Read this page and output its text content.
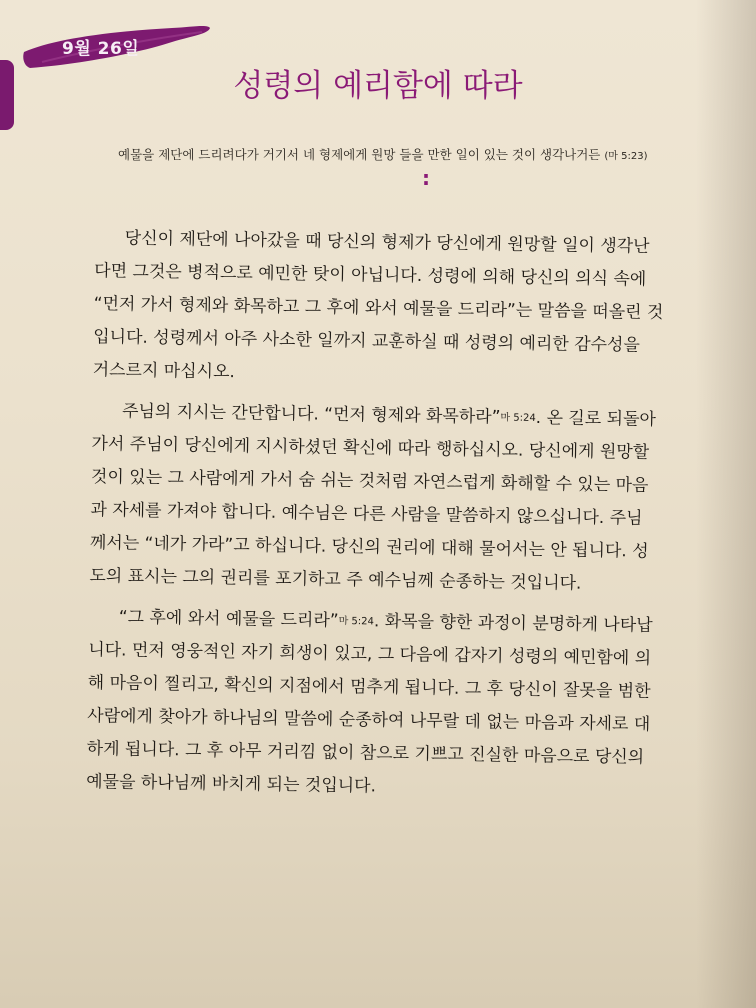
9월 26일
성령의 예리함에 따라
예물을 제단에 드리려다가 거기서 네 형제에게 원망 들을 만한 일이 있는 것이 생각나거든 (마 5:23)
:
당신이 제단에 나아갔을 때 당신의 형제가 당신에게 원망할 일이 생각난
다면 그것은 병적으로 예민한 탓이 아닙니다. 성령에 의해 당신의 의식 속에
“먼저 가서 형제와 화목하고 그 후에 와서 예물을 드리라”는 말씀을 떠올린 것
입니다. 성령께서 아주 사소한 일까지 교훈하실 때 성령의 예리한 감수성을
거스르지 마십시오.
주님의 지시는 간단합니다. “먼저 형제와 화목하라”$^{마 5:24}$. 온 길로 되돌아
가서 주님이 당신에게 지시하셨던 확신에 따라 행하십시오. 당신에게 원망할
것이 있는 그 사람에게 가서 숨 쉬는 것처럼 자연스럽게 화해할 수 있는 마음
과 자세를 가져야 합니다. 예수님은 다른 사람을 말씀하지 않으십니다. 주님
께서는 “네가 가라”고 하십니다. 당신의 권리에 대해 물어서는 안 됩니다. 성
도의 표시는 그의 권리를 포기하고 주 예수님께 순종하는 것입니다.
“그 후에 와서 예물을 드리라”$^{마 5:24}$. 화목을 향한 과정이 분명하게 나타납
니다. 먼저 영웅적인 자기 희생이 있고, 그 다음에 갑자기 성령의 예민함에 의
해 마음이 찔리고, 확신의 지점에서 멈추게 됩니다. 그 후 당신이 잘못을 범한
사람에게 찾아가 하나님의 말씀에 순종하여 나무랄 데 없는 마음과 자세로 대
하게 됩니다. 그 후 아무 거리낌 없이 참으로 기쁘고 진실한 마음으로 당신의
예물을 하나님께 바치게 되는 것입니다.
